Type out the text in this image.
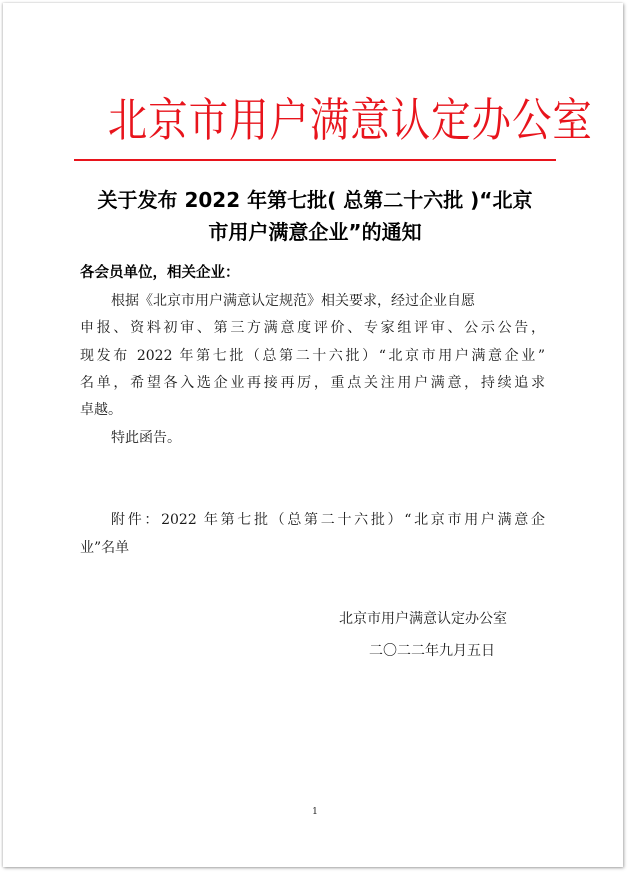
北京市用户满意认定办公室
关于发布 2022 年第七批( 总第二十六批 )“北京
市用户满意企业”的通知
各会员单位，相关企业：
根据《北京市用户满意认定规范》相关要求，经过企业自愿
申报、资料初审、第三方满意度评价、专家组评审、公示公告，
现发布 2022 年第七批（总第二十六批）“北京市用户满意企业”
名单，希望各入选企业再接再厉，重点关注用户满意，持续追求
卓越。
特此函告。
附件：2022 年第七批（总第二十六批）“北京市用户满意企
业”名单
北京市用户满意认定办公室
二〇二二年九月五日
1
